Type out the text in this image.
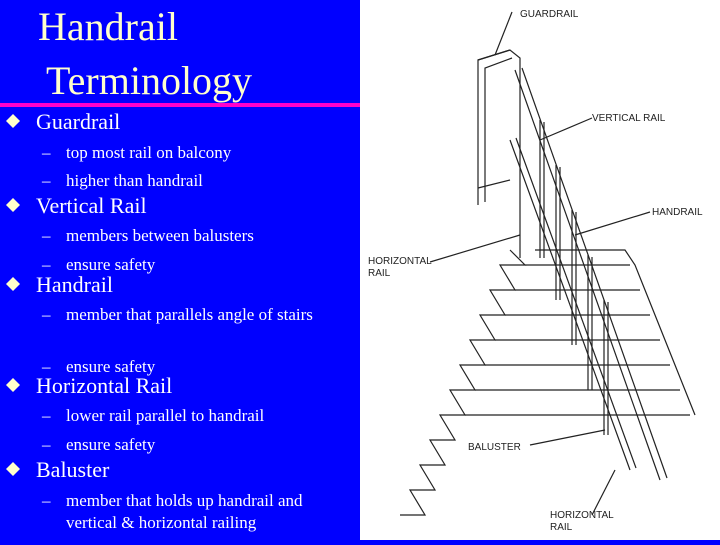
Handrail
Terminology
Guardrail
– top most rail on balcony
– higher than handrail
Vertical Rail
– members between balusters
– ensure safety
Handrail
– member that parallels angle of stairs
– ensure safety
Horizontal Rail
– lower rail parallel to handrail
– ensure safety
Baluster
– member that holds up handrail and vertical & horizontal railing
GUARDRAIL
VERTICAL RAIL
HANDRAIL
HORIZONTAL
RAIL
BALUSTER
HORIZONTAL
RAIL
